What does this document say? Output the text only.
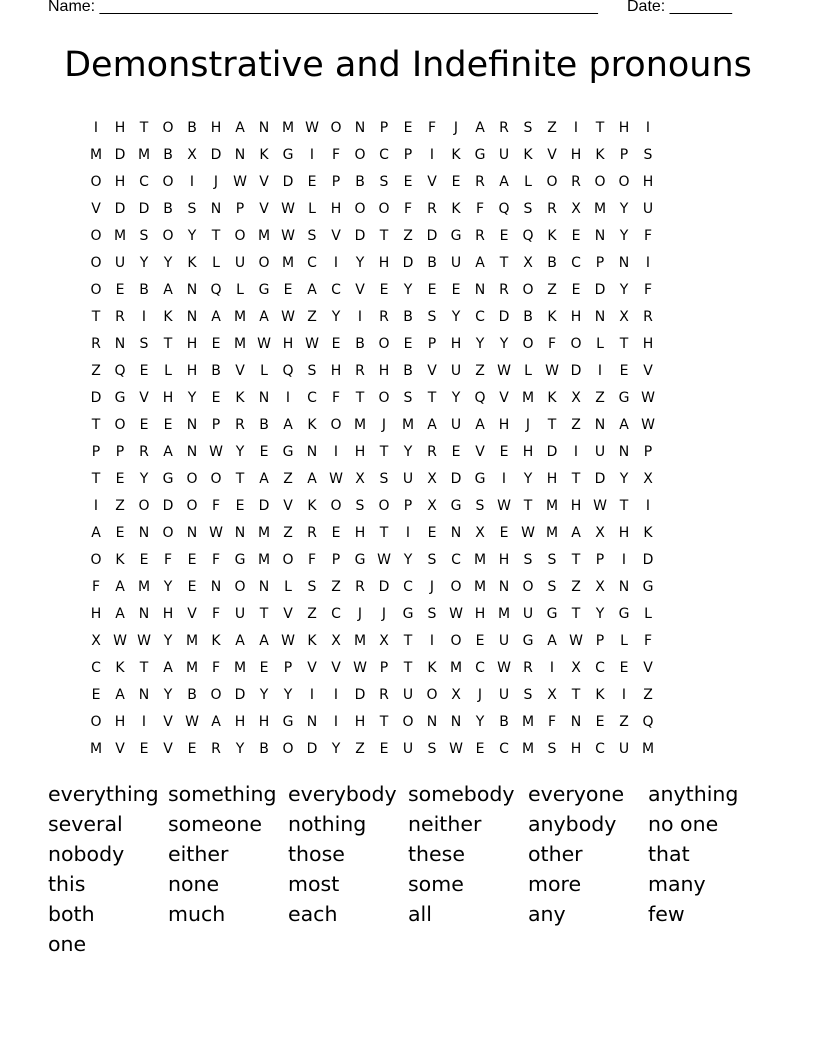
Name: ________________________________________________________ Date: _______
Demonstrative and Indefinite pronouns
I	H	T	O B H A N M W O N	P	E	F	J	A	R	S	Z	I	T	H	I
M D M B	X D N	K G	I	F	O C	P	I	K G U	K	V H	K	P	S
O H C O	I	J	W V D	E	P	B	S	E	V	E	R	A	L	O R O O H
V D D B	S	N	P	V W L	H O O	F	R	K	F	Q	S	R	X M Y	U
O M S	O	Y	T	O M W S	V D	T	Z D G R	E	Q K	E	N	Y	F
O U	Y	Y	K	L	U O M C	I	Y	H D B	U	A	T	X	B	C	P	N	I
O	E	B	A N Q	L	G	E	A	C	V	E	Y	E	E	N R O Z	E	D	Y	F
T	R	I	K	N A M A W Z	Y	I	R	B	S	Y	C D B	K	H N X	R
R N	S	T	H	E M W H W E	B O	E	P	H	Y	Y	O	F	O	L	T	H
Z Q	E	L	H B	V	L	Q	S	H R H B	V	U	Z W L W D	I	E	V
D G V H	Y	E	K	N	I	C	F	T	O	S	T	Y	Q V M K	X	Z G W
T	O	E	E	N	P	R	B	A	K O M	J	M A	U	A H	J	T	Z N A W
P	P	R	A N W Y	E	G N	I	H	T	Y	R	E	V	E	H D	I	U N	P
T	E	Y	G O O	T	A	Z	A W X	S	U	X D G	I	Y	H	T	D	Y	X
I	Z O D O	F	E	D V	K O	S	O	P	X G	S W T M H W T	I
A	E	N O N W N M Z	R	E	H	T	I	E	N X	E W M A	X H	K
O K	E	F	E	F	G M O	F	P	G W Y	S	C M H	S	S	T	P	I	D
F	A M Y	E	N O N	L	S	Z	R D C	J	O M N O	S	Z	X N G
H A N H V	F	U	T	V	Z	C	J	J	G	S W H M U G	T	Y	G	L
X W W Y M K	A	A W K	X M X	T	I	O	E	U G A W P	L	F
C	K	T	A M F M E	P	V	V W P	T	K M C W R	I	X	C	E	V
E	A N	Y	B O D	Y	Y	I	I	D R	U O X	J	U	S	X	T	K	I	Z
O H	I	V W A H H G N	I	H	T	O N N	Y	B M F	N	E	Z Q
M V	E	V	E	R	Y	B O D	Y	Z	E	U	S W E	C M S	H C U M
everything something everybody somebody everyone	anything
several	someone	nothing	neither	anybody	no one
nobody	either	those	these	other	that
this	none	most	some	more	many
both	much	each	all	any	few
one
